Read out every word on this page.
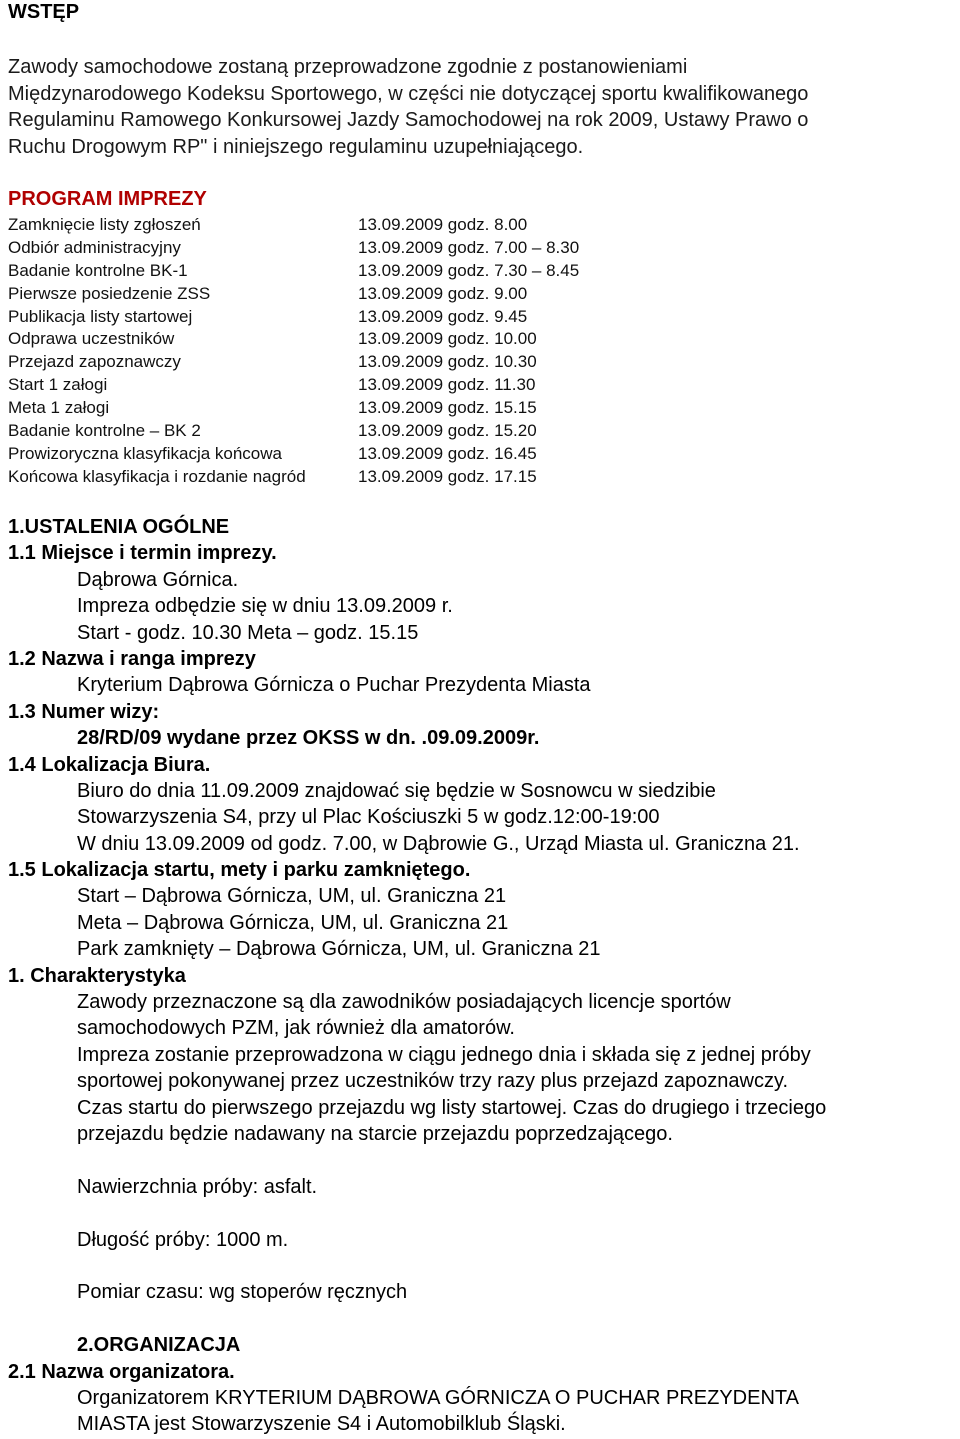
WSTĘP
Zawody samochodowe zostaną przeprowadzone zgodnie z postanowieniami
Międzynarodowego Kodeksu Sportowego, w części nie dotyczącej sportu kwalifikowanego
Regulaminu Ramowego Konkursowej Jazdy Samochodowej na rok 2009, Ustawy Prawo o
Ruchu Drogowym RP" i niniejszego regulaminu uzupełniającego.
PROGRAM IMPREZY
Zamknięcie listy zgłoszeń	13.09.2009 godz. 8.00
Odbiór administracyjny	13.09.2009 godz. 7.00 – 8.30
Badanie kontrolne BK-1	13.09.2009 godz. 7.30 – 8.45
Pierwsze posiedzenie ZSS	13.09.2009 godz. 9.00
Publikacja listy startowej	13.09.2009 godz. 9.45
Odprawa uczestników	13.09.2009 godz. 10.00
Przejazd zapoznawczy	13.09.2009 godz. 10.30
Start 1 załogi	13.09.2009 godz. 11.30
Meta 1 załogi	13.09.2009 godz. 15.15
Badanie kontrolne – BK 2	13.09.2009 godz. 15.20
Prowizoryczna klasyfikacja końcowa	13.09.2009 godz. 16.45
Końcowa klasyfikacja i rozdanie nagród	13.09.2009 godz. 17.15
1.USTALENIA OGÓLNE
1.1 Miejsce i termin imprezy.
Dąbrowa Górnica.
Impreza odbędzie się w dniu 13.09.2009 r.
Start - godz. 10.30 Meta – godz. 15.15
1.2 Nazwa i ranga imprezy
Kryterium Dąbrowa Górnicza o Puchar Prezydenta Miasta
1.3 Numer wizy:
28/RD/09 wydane przez OKSS w dn. .09.09.2009r.
1.4 Lokalizacja Biura.
Biuro do dnia 11.09.2009 znajdować się będzie w Sosnowcu w siedzibie
Stowarzyszenia S4, przy ul Plac Kościuszki 5 w godz.12:00-19:00
W dniu 13.09.2009 od godz. 7.00, w Dąbrowie G., Urząd Miasta ul. Graniczna 21.
1.5 Lokalizacja startu, mety i parku zamkniętego.
Start – Dąbrowa Górnicza, UM, ul. Graniczna 21
Meta – Dąbrowa Górnicza, UM, ul. Graniczna 21
Park zamknięty – Dąbrowa Górnicza, UM, ul. Graniczna 21
1. Charakterystyka
Zawody przeznaczone są dla zawodników posiadających licencje sportów
samochodowych PZM, jak również dla amatorów.
Impreza zostanie przeprowadzona w ciągu jednego dnia i składa się z jednej próby
sportowej pokonywanej przez uczestników trzy razy plus przejazd zapoznawczy.
Czas startu do pierwszego przejazdu wg listy startowej. Czas do drugiego i trzeciego
przejazdu będzie nadawany na starcie przejazdu poprzedzającego.
Nawierzchnia próby: asfalt.
Długość próby: 1000 m.
Pomiar czasu: wg stoperów ręcznych
2.ORGANIZACJA
2.1 Nazwa organizatora.
Organizatorem KRYTERIUM DĄBROWA GÓRNICZA O PUCHAR PREZYDENTA
MIASTA jest Stowarzyszenie S4 i Automobilklub Śląski.
